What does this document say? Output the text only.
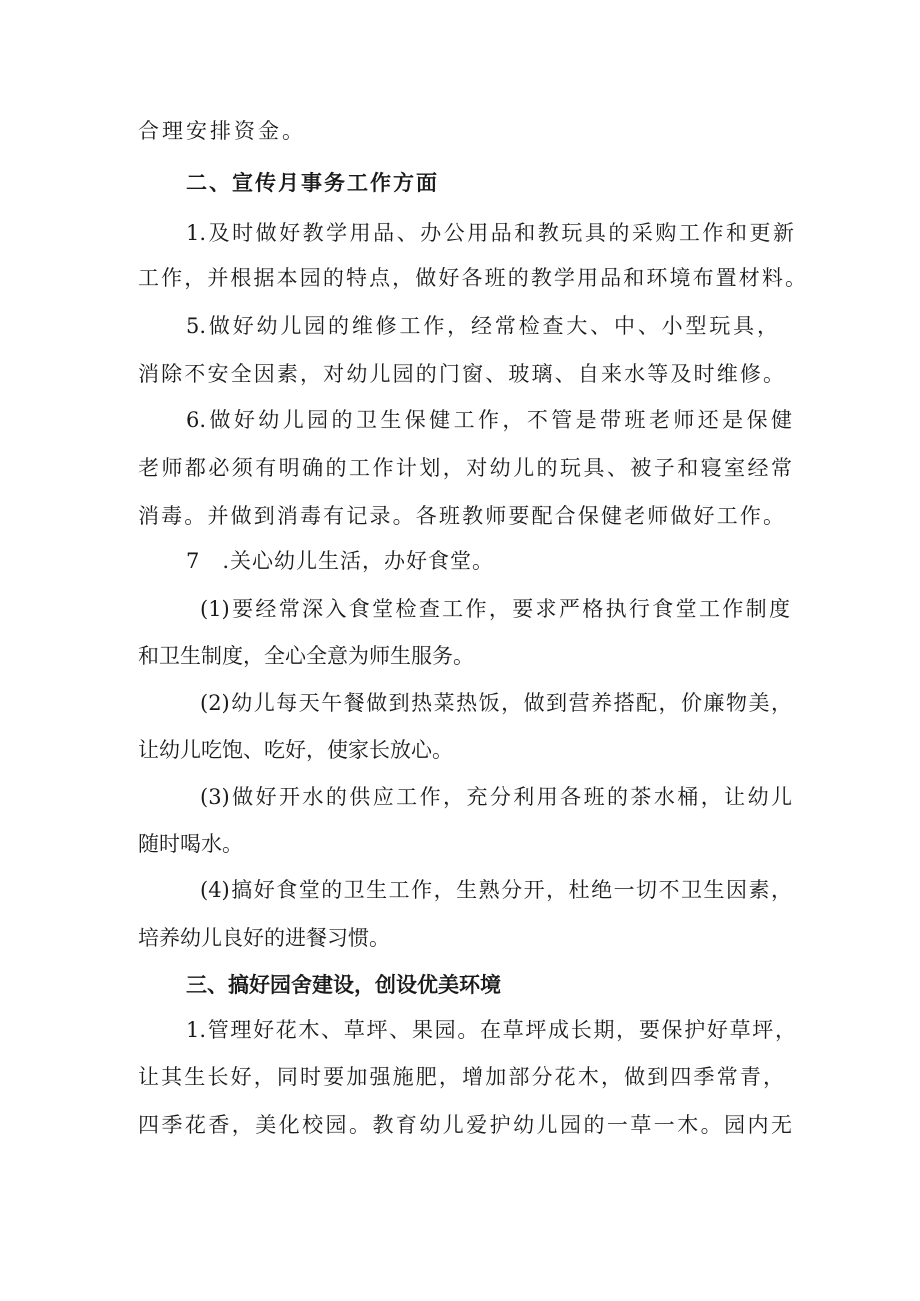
合理安排资金。
二、宣传月事务工作方面
1.及时做好教学用品、办公用品和教玩具的采购工作和更新
工作，并根据本园的特点，做好各班的教学用品和环境布置材料。
5.做好幼儿园的维修工作，经常检查大、中、小型玩具，
消除不安全因素，对幼儿园的门窗、玻璃、自来水等及时维修。
6.做好幼儿园的卫生保健工作，不管是带班老师还是保健
老师都必须有明确的工作计划，对幼儿的玩具、被子和寝室经常
消毒。并做到消毒有记录。各班教师要配合保健老师做好工作。
7　.关心幼儿生活，办好食堂。
(1)要经常深入食堂检查工作，要求严格执行食堂工作制度
和卫生制度，全心全意为师生服务。
(2)幼儿每天午餐做到热菜热饭，做到营养搭配，价廉物美，
让幼儿吃饱、吃好，使家长放心。
(3)做好开水的供应工作，充分利用各班的茶水桶，让幼儿
随时喝水。
(4)搞好食堂的卫生工作，生熟分开，杜绝一切不卫生因素，
培养幼儿良好的进餐习惯。
三、搞好园舍建设，创设优美环境
1.管理好花木、草坪、果园。在草坪成长期，要保护好草坪，
让其生长好，同时要加强施肥，增加部分花木，做到四季常青，
四季花香，美化校园。教育幼儿爱护幼儿园的一草一木。园内无
